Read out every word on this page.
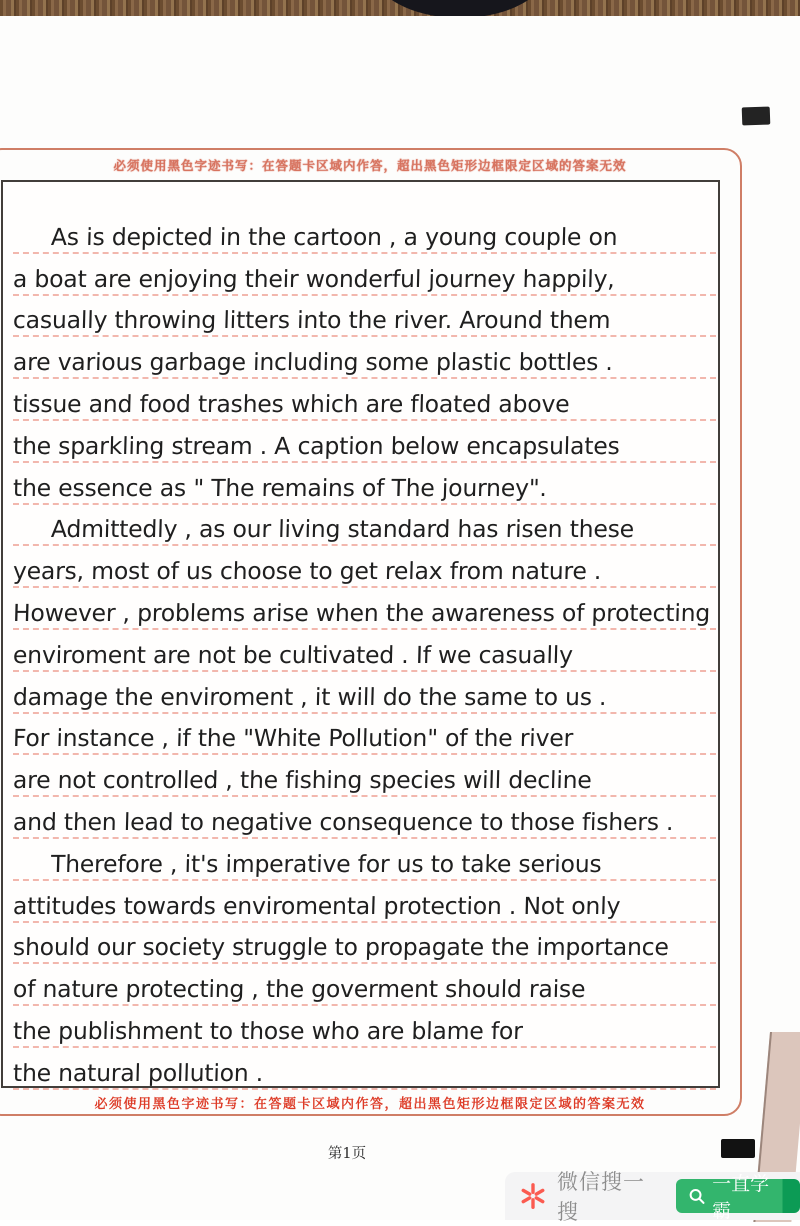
必须使用黑色字迹书写：在答题卡区域内作答，超出黑色矩形边框限定区域的答案无效
As is depicted in the cartoon , a young couple on
a boat are enjoying their wonderful journey happily,
casually throwing litters into the river. Around them
are various garbage including some plastic bottles .
tissue and food trashes which are floated above
the sparkling stream . A caption below encapsulates
the essence as " The remains of The journey".
Admittedly , as our living standard has risen these
years, most of us choose to get relax from nature .
However , problems arise when the awareness of protecting
enviroment are not be cultivated . If we casually
damage the enviroment , it will do the same to us .
For instance , if the "White Pollution" of the river
are not controlled , the fishing species will decline
and then lead to negative consequence to those fishers .
Therefore , it's imperative for us to take serious
attitudes towards enviromental protection . Not only
should our society struggle to propagate the importance
of nature protecting , the goverment should raise
the publishment to those who are blame for
the natural pollution .
必须使用黑色字迹书写：在答题卡区域内作答，超出黑色矩形边框限定区域的答案无效
第1页
微信搜一搜
一直学霸
